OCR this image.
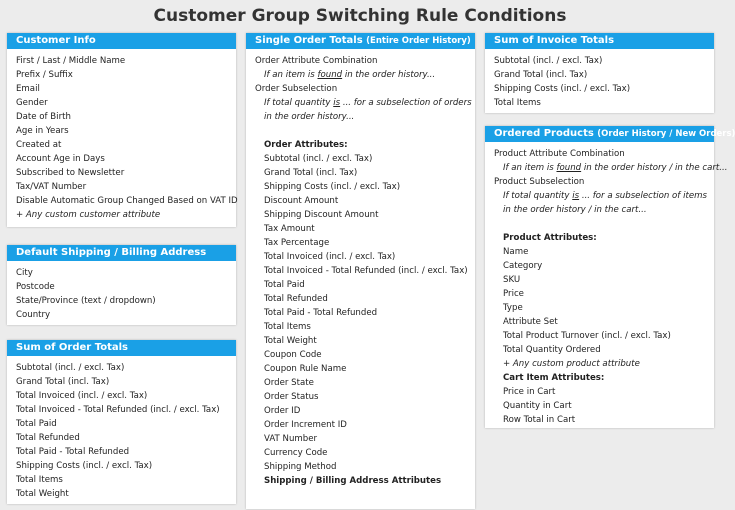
Customer Group Switching Rule Conditions
Customer Info
First / Last / Middle Name
Prefix / Suffix
Email
Gender
Date of Birth
Age in Years
Created at
Account Age in Days
Subscribed to Newsletter
Tax/VAT Number
Disable Automatic Group Changed Based on VAT ID
+ Any custom customer attribute
Default Shipping / Billing Address
City
Postcode
State/Province (text / dropdown)
Country
Sum of Order Totals
Subtotal (incl. / excl. Tax)
Grand Total (incl. Tax)
Total Invoiced (incl. / excl. Tax)
Total Invoiced - Total Refunded (incl. / excl. Tax)
Total Paid
Total Refunded
Total Paid - Total Refunded
Shipping Costs (incl. / excl. Tax)
Total Items
Total Weight
Single Order Totals (Entire Order History)
Order Attribute Combination
If an item is found in the order history...
Order Subselection
If total quantity is ... for a subselection of orders
in the order history...
Order Attributes:
Subtotal (incl. / excl. Tax)
Grand Total (incl. Tax)
Shipping Costs (incl. / excl. Tax)
Discount Amount
Shipping Discount Amount
Tax Amount
Tax Percentage
Total Invoiced (incl. / excl. Tax)
Total Invoiced - Total Refunded (incl. / excl. Tax)
Total Paid
Total Refunded
Total Paid - Total Refunded
Total Items
Total Weight
Coupon Code
Coupon Rule Name
Order State
Order Status
Order ID
Order Increment ID
VAT Number
Currency Code
Shipping Method
Shipping / Billing Address Attributes
Sum of Invoice Totals
Subtotal (incl. / excl. Tax)
Grand Total (incl. Tax)
Shipping Costs (incl. / excl. Tax)
Total Items
Ordered Products (Order History / New Orders)
Product Attribute Combination
If an item is found in the order history / in the cart...
Product Subselection
If total quantity is ... for a subselection of items
in the order history / in the cart...
Product Attributes:
Name
Category
SKU
Price
Type
Attribute Set
Total Product Turnover (incl. / excl. Tax)
Total Quantity Ordered
+ Any custom product attribute
Cart Item Attributes:
Price in Cart
Quantity in Cart
Row Total in Cart
